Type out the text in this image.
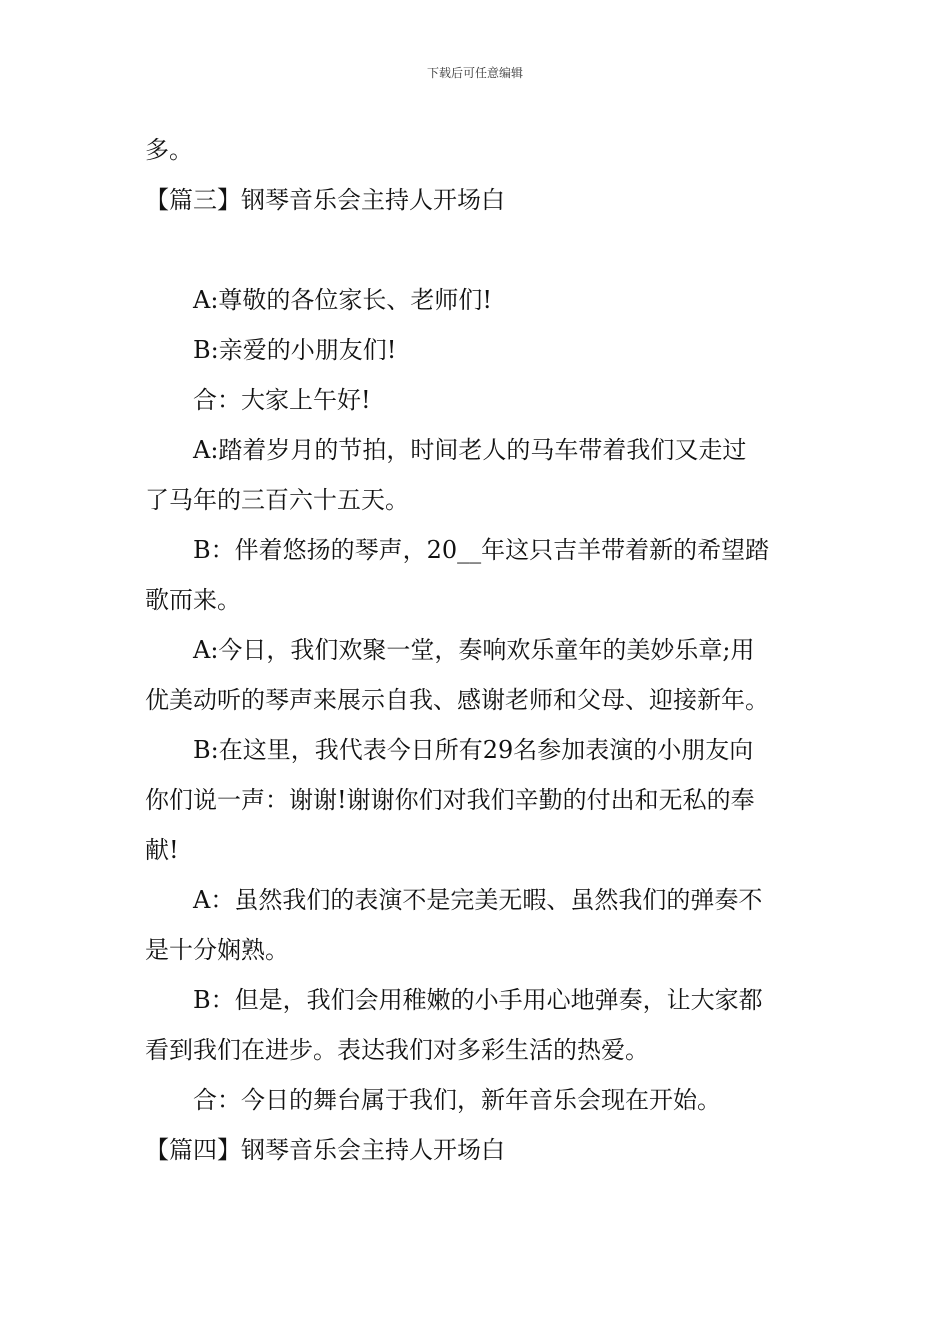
下载后可任意编辑

多。

【篇三】钢琴音乐会主持人开场白

A:尊敬的各位家长、老师们!

B:亲爱的小朋友们!

合：大家上午好!

A:踏着岁月的节拍，时间老人的马车带着我们又走过

了马年的三百六十五天。

B：伴着悠扬的琴声，20__年这只吉羊带着新的希望踏

歌而来。

A:今日，我们欢聚一堂，奏响欢乐童年的美妙乐章;用

优美动听的琴声来展示自我、感谢老师和父母、迎接新年。

B:在这里，我代表今日所有29名参加表演的小朋友向

你们说一声：谢谢!谢谢你们对我们辛勤的付出和无私的奉

献!

A：虽然我们的表演不是完美无暇、虽然我们的弹奏不

是十分娴熟。

B：但是，我们会用稚嫩的小手用心地弹奏，让大家都

看到我们在进步。表达我们对多彩生活的热爱。

合：今日的舞台属于我们，新年音乐会现在开始。

【篇四】钢琴音乐会主持人开场白
